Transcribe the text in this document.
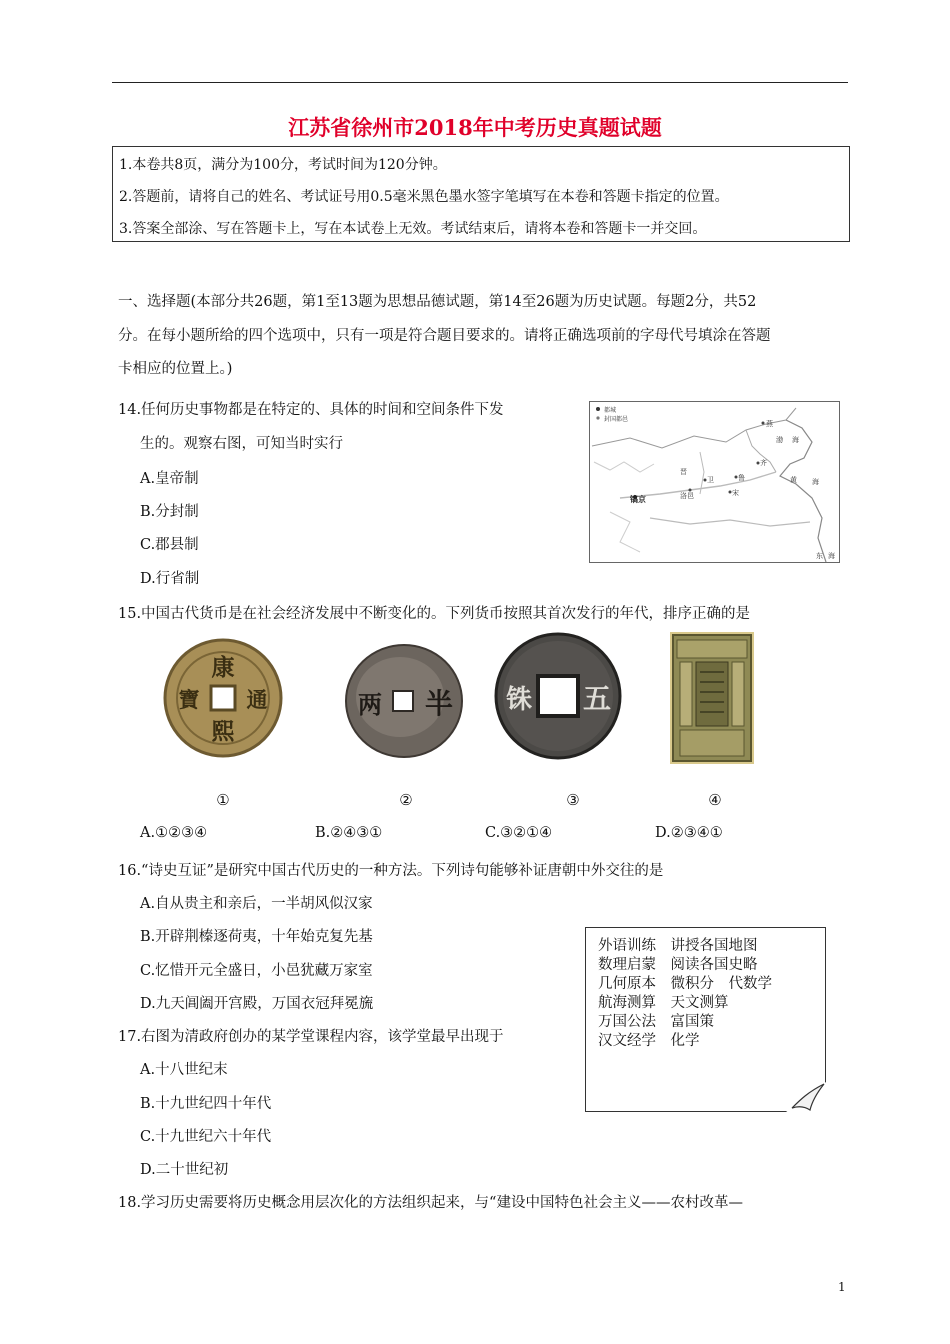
江苏省徐州市2018年中考历史真题试题
1.本卷共8页，满分为100分，考试时间为120分钟。
2.答题前，请将自己的姓名、考试证号用0.5毫米黑色墨水签字笔填写在本卷和答题卡指定的位置。
3.答案全部涂、写在答题卡上，写在本试卷上无效。考试结束后，请将本卷和答题卡一并交回。
一、选择题(本部分共26题，第1至13题为思想品德试题，第14至26题为历史试题。每题2分，共52
分。在每小题所给的四个选项中，只有一项是符合题目要求的。请将正确选项前的字母代号填涂在答题
卡相应的位置上。)
14.任何历史事物都是在特定的、具体的时间和空间条件下发
生的。观察右图，可知当时实行
A.皇帝制
B.分封制
C.郡县制
D.行省制
都城
封国都邑
燕
渤 海
齐
鲁	黄 海
宋
卫
晋
洛邑
镐京
东 海
15.中国古代货币是在社会经济发展中不断变化的。下列货币按照其首次发行的年代，排序正确的是
康
熙
通
寶	半
两	五
铢
①	②	③	④
A.①②③④	B.②④③①	C.③②①④	D.②③④①
16.“诗史互证”是研究中国古代历史的一种方法。下列诗句能够补证唐朝中外交往的是
A.自从贵主和亲后，一半胡风似汉家
B.开辟荆榛逐荷夷，十年始克复先基
C.忆惜开元全盛日，小邑犹藏万家室
D.九天阊阖开宫殿，万国衣冠拜冕旒
17.右图为清政府创办的某学堂课程内容，该学堂最早出现于
A.十八世纪末
B.十九世纪四十年代
C.十九世纪六十年代
D.二十世纪初
外语训练　讲授各国地图
数理启蒙　阅读各国史略
几何原本　微积分　代数学
航海测算　天文测算
万国公法　富国策
汉文经学　化学
18.学习历史需要将历史概念用层次化的方法组织起来，与“建设中国特色社会主义——农村改革—
1
